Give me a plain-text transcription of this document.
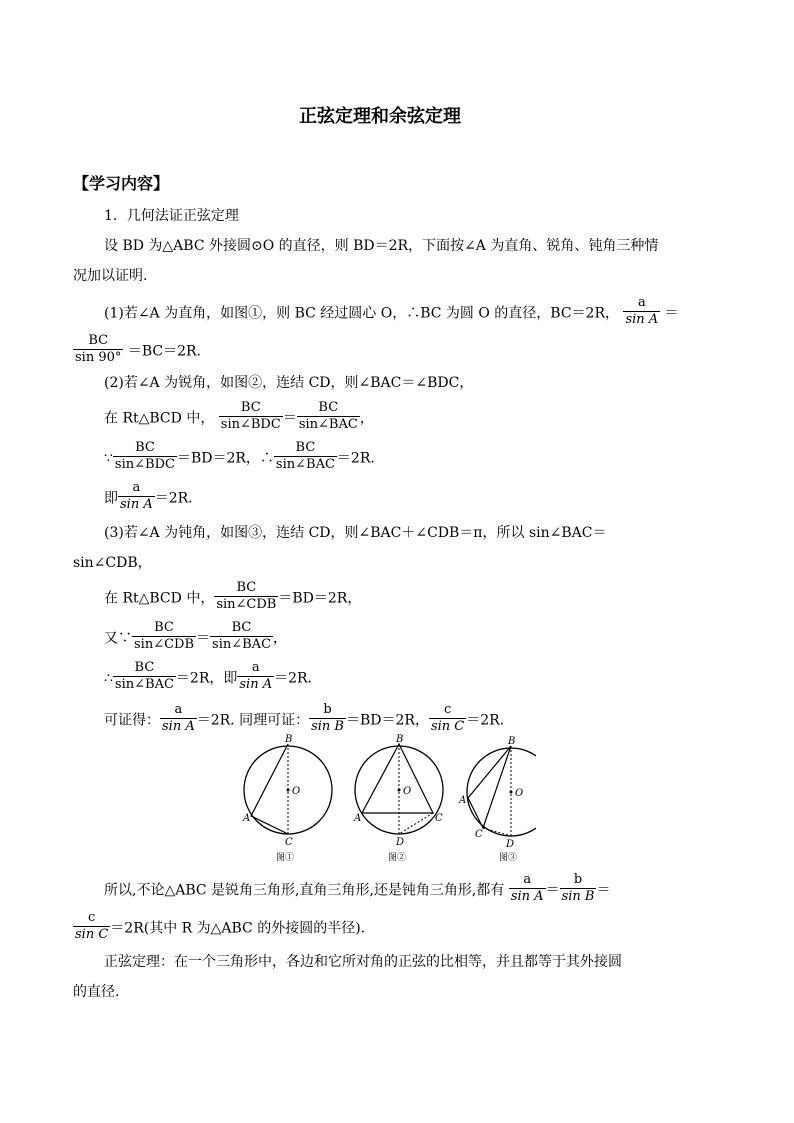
正弦定理和余弦定理
【学习内容】
1．几何法证正弦定理
设 BD 为△ABC 外接圆⊙O 的直径，则 BD＝2R，下面按∠A 为直角、锐角、钝角三种情
况加以证明.
(1)若∠A 为直角，如图①，则 BC 经过圆心 O，∴BC 为圆 O 的直径，BC＝2R， $\frac{a}{\text{sin A}}$ ＝
$\frac{BC}{\sin 90^\circ} =BC=2R$.
(2)若∠A 为锐角，如图②，连结 CD，则∠BAC＝∠BDC，
在 Rt△BCD 中， $\frac{BC}{\text{sin∠BDC}} = \frac{BC}{\text{sin∠BAC}}$ ，
∵ $\frac{BC}{\text{sin∠BDC}} =BD=2R$，∴ $\frac{BC}{\text{sin∠BAC}} =2R$.
即 $\frac{a}{\text{sin A}} =2R$.
(3)若∠A 为钝角，如图③，连结 CD，则∠BAC＋∠CDB＝π，所以 sin∠BAC＝
sin∠CDB，
在 Rt△BCD 中， $\frac{BC}{\text{sin∠CDB}} =BD=2R$，
又∵ $\frac{BC}{\text{sin∠CDB}} = \frac{BC}{\text{sin∠BAC}}$ ，
∴ $\frac{BC}{\text{sin∠BAC}} =2R$，即 $\frac{a}{\text{sin A}} =2R$.
可证得： $\frac{a}{\text{sin A}} =2R$. 同理可证： $\frac{b}{\text{sin B}} =BD=2R$， $\frac{c}{\text{sin C}} =2R$.
B
O
A
C
图①
B
O
A	C
D
图②
B
O
A
C
D
图③
所以,不论△ABC 是锐角三角形,直角三角形,还是钝角三角形,都有 $\frac{a}{\text{sin A}} = \frac{b}{\text{sin B}}$ ＝
$\frac{c}{\text{sin C}} =2R$(其中 R 为△ABC 的外接圆的半径).
正弦定理：在一个三角形中，各边和它所对角的正弦的比相等，并且都等于其外接圆
的直径.
